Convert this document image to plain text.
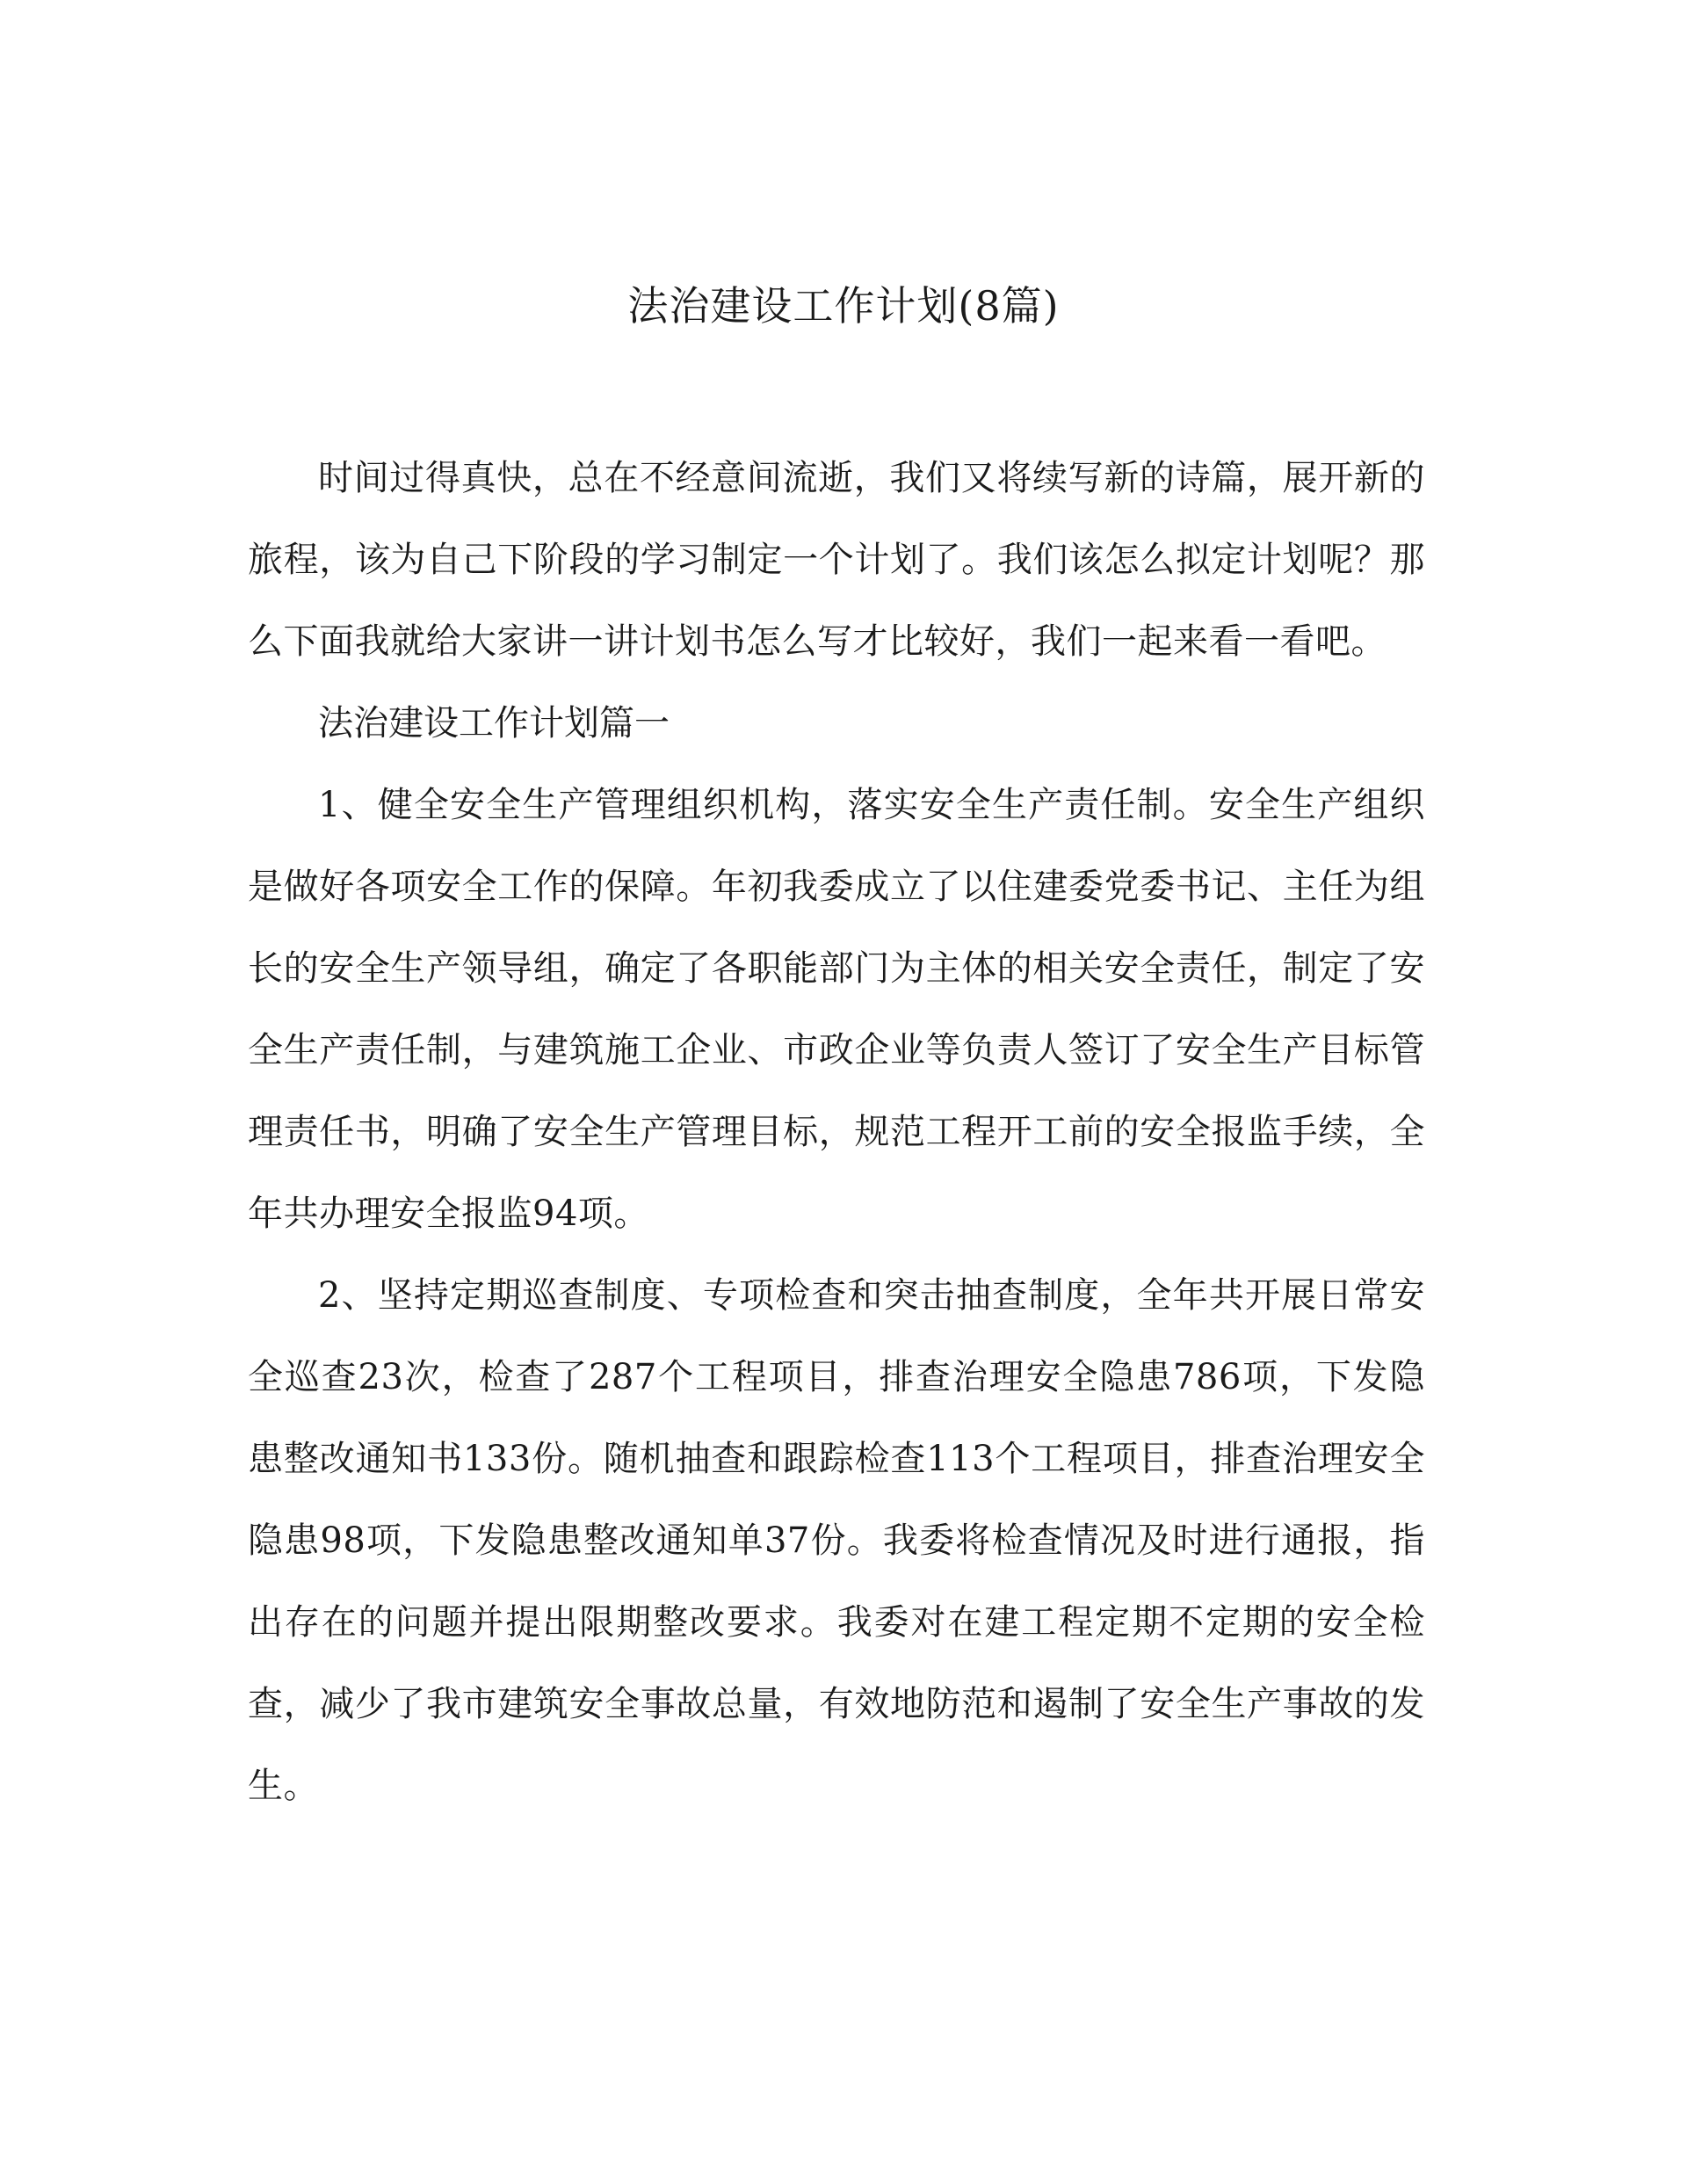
法治建设工作计划(8篇)

时间过得真快，总在不经意间流逝，我们又将续写新的诗篇，展开新的旅程，该为自己下阶段的学习制定一个计划了。我们该怎么拟定计划呢？那么下面我就给大家讲一讲计划书怎么写才比较好，我们一起来看一看吧。

法治建设工作计划篇一

1、健全安全生产管理组织机构，落实安全生产责任制。安全生产组织是做好各项安全工作的保障。年初我委成立了以住建委党委书记、主任为组长的安全生产领导组，确定了各职能部门为主体的相关安全责任，制定了安全生产责任制，与建筑施工企业、市政企业等负责人签订了安全生产目标管理责任书，明确了安全生产管理目标，规范工程开工前的安全报监手续，全年共办理安全报监94项。

2、坚持定期巡查制度、专项检查和突击抽查制度，全年共开展日常安全巡查23次，检查了287个工程项目，排查治理安全隐患786项，下发隐患整改通知书133份。随机抽查和跟踪检查113个工程项目，排查治理安全隐患98项，下发隐患整改通知单37份。我委将检查情况及时进行通报，指出存在的问题并提出限期整改要求。我委对在建工程定期不定期的安全检查，减少了我市建筑安全事故总量，有效地防范和遏制了安全生产事故的发生。
